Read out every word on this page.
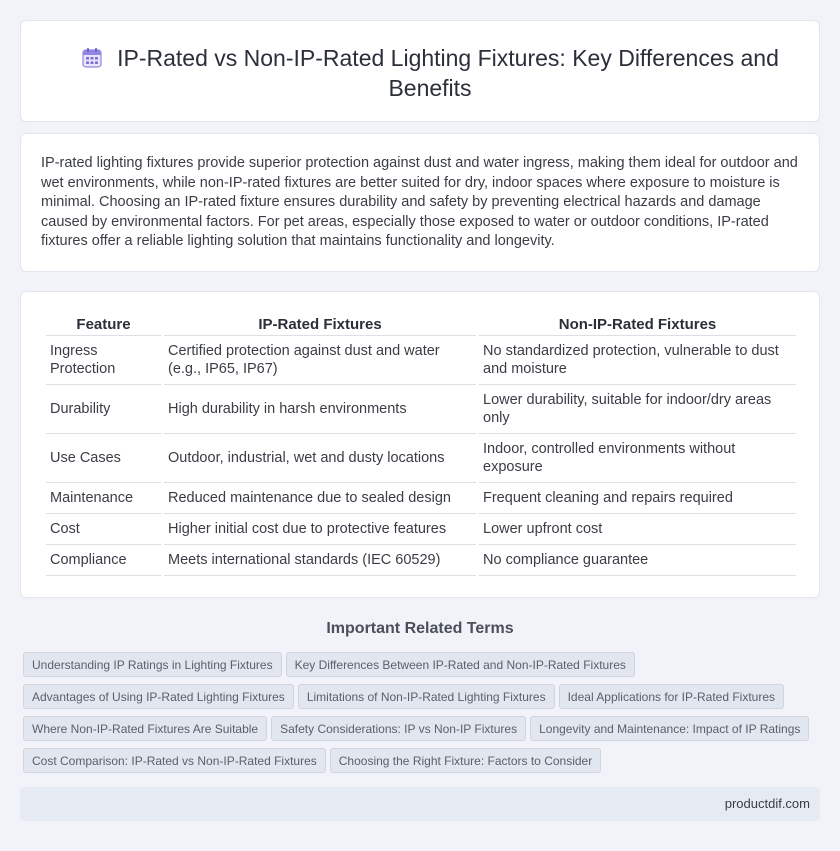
IP-Rated vs Non-IP-Rated Lighting Fixtures: Key Differences and Benefits

IP-rated lighting fixtures provide superior protection against dust and water ingress, making them ideal for outdoor and wet environments, while non-IP-rated fixtures are better suited for dry, indoor spaces where exposure to moisture is minimal. Choosing an IP-rated fixture ensures durability and safety by preventing electrical hazards and damage caused by environmental factors. For pet areas, especially those exposed to water or outdoor conditions, IP-rated fixtures offer a reliable lighting solution that maintains functionality and longevity.

Feature	IP-Rated Fixtures	Non-IP-Rated Fixtures
Ingress Protection	Certified protection against dust and water (e.g., IP65, IP67)	No standardized protection, vulnerable to dust and moisture
Durability	High durability in harsh environments	Lower durability, suitable for indoor/dry areas only
Use Cases	Outdoor, industrial, wet and dusty locations	Indoor, controlled environments without exposure
Maintenance	Reduced maintenance due to sealed design	Frequent cleaning and repairs required
Cost	Higher initial cost due to protective features	Lower upfront cost
Compliance	Meets international standards (IEC 60529)	No compliance guarantee
Important Related Terms
Understanding IP Ratings in Lighting Fixtures Key Differences Between IP-Rated and Non-IP-Rated Fixtures
Advantages of Using IP-Rated Lighting Fixtures Limitations of Non-IP-Rated Lighting Fixtures Ideal Applications for IP-Rated Fixtures
Where Non-IP-Rated Fixtures Are Suitable Safety Considerations: IP vs Non-IP Fixtures Longevity and Maintenance: Impact of IP Ratings
Cost Comparison: IP-Rated vs Non-IP-Rated Fixtures Choosing the Right Fixture: Factors to Consider
productdif.com
